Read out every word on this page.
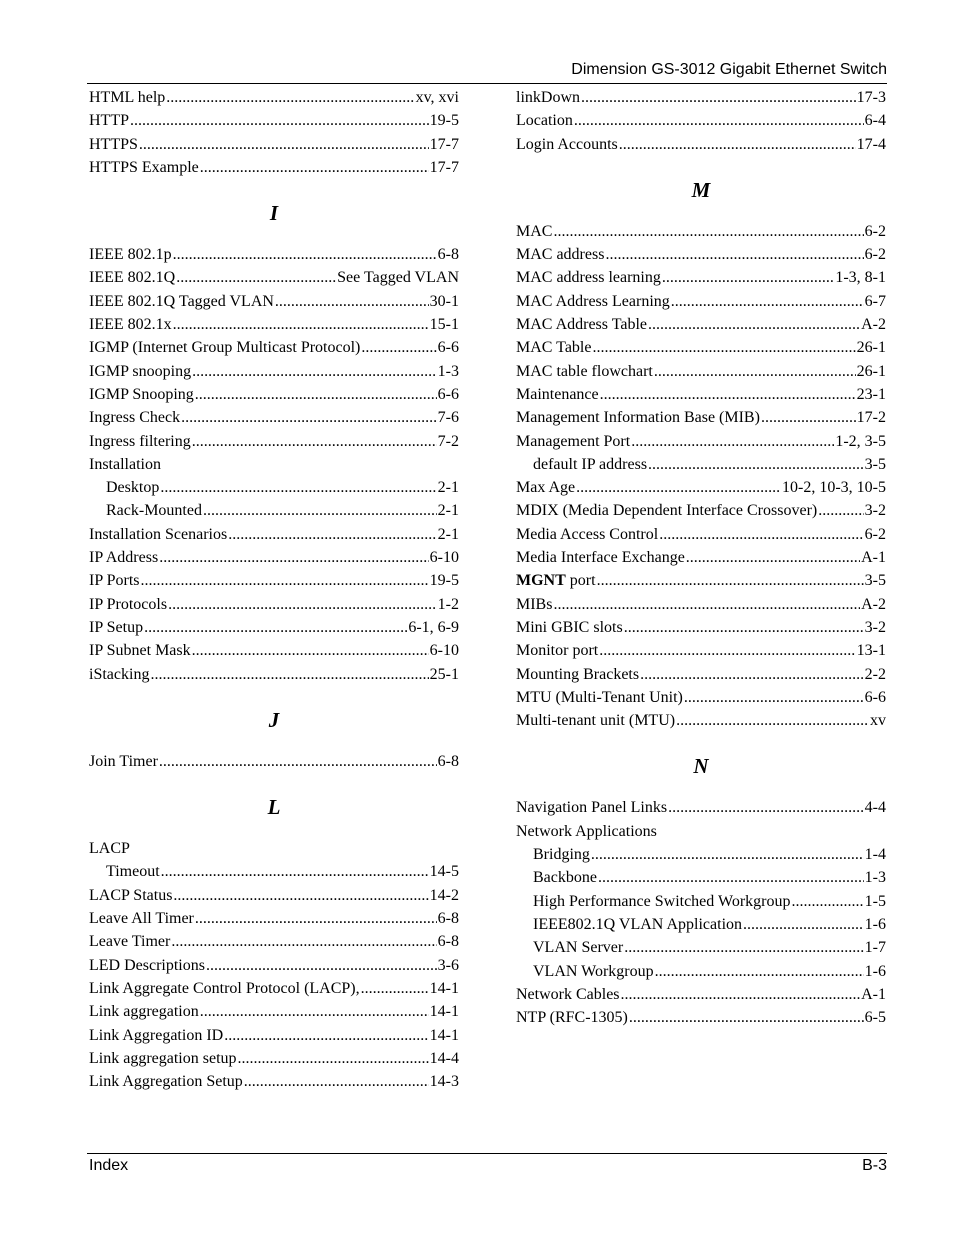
Dimension GS-3012 Gigabit Ethernet Switch
HTML help .....	xv, xvi
HTTP .....	19-5
HTTPS .....	17-7
HTTPS Example .....	17-7
I
IEEE 802.1p .....	6-8
IEEE 802.1Q .....	See Tagged VLAN
IEEE 802.1Q Tagged VLAN .....	30-1
IEEE 802.1x .....	15-1
IGMP (Internet Group Multicast Protocol) .....	6-6
IGMP snooping .....	1-3
IGMP Snooping .....	6-6
Ingress Check .....	7-6
Ingress filtering .....	7-2
Installation
Desktop .....	2-1
Rack-Mounted .....	2-1
Installation Scenarios .....	2-1
IP Address .....	6-10
IP Ports .....	19-5
IP Protocols .....	1-2
IP Setup .....	6-1, 6-9
IP Subnet Mask .....	6-10
iStacking .....	25-1
J
Join Timer .....	6-8
L
LACP
Timeout .....	14-5
LACP Status .....	14-2
Leave All Timer .....	6-8
Leave Timer .....	6-8
LED Descriptions .....	3-6
Link Aggregate Control Protocol (LACP), .....	14-1
Link aggregation .....	14-1
Link Aggregation ID .....	14-1
Link aggregation setup .....	14-4
Link Aggregation Setup .....	14-3
linkDown .....	17-3
Location .....	6-4
Login Accounts .....	17-4
M
MAC .....	6-2
MAC address .....	6-2
MAC address learning .....	1-3, 8-1
MAC Address Learning .....	6-7
MAC Address Table .....	A-2
MAC Table .....	26-1
MAC table flowchart .....	26-1
Maintenance .....	23-1
Management Information Base (MIB) .....	17-2
Management Port .....	1-2, 3-5
default IP address .....	3-5
Max Age .....	10-2, 10-3, 10-5
MDIX (Media Dependent Interface Crossover) .....	3-2
Media Access Control .....	6-2
Media Interface Exchange .....	A-1
MGNT port .....	3-5
MIBs .....	A-2
Mini GBIC slots .....	3-2
Monitor port .....	13-1
Mounting Brackets .....	2-2
MTU (Multi-Tenant Unit) .....	6-6
Multi-tenant unit (MTU) .....	xv
N
Navigation Panel Links .....	4-4
Network Applications
Bridging .....	1-4
Backbone .....	1-3
High Performance Switched Workgroup .....	1-5
IEEE802.1Q VLAN Application .....	1-6
VLAN Server .....	1-7
VLAN Workgroup .....	1-6
Network Cables .....	A-1
NTP (RFC-1305) .....	6-5
Index	B-3
